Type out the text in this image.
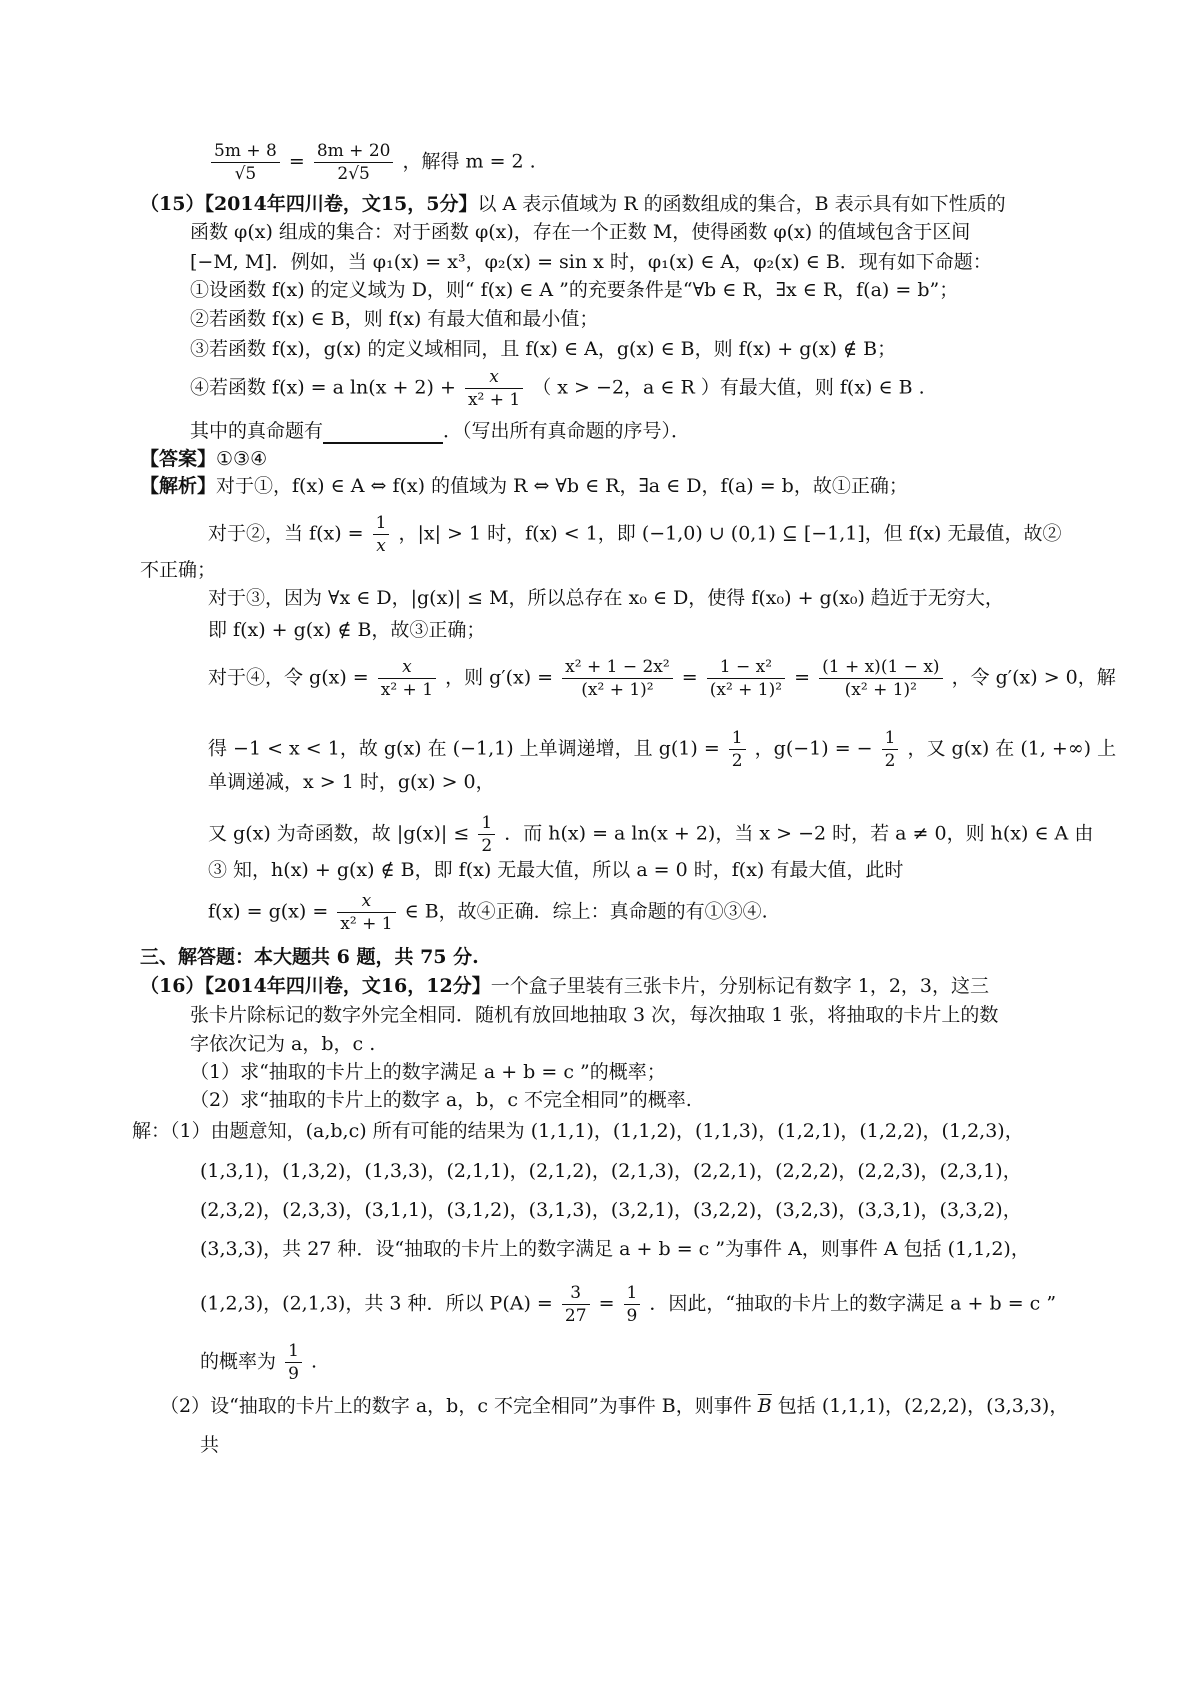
$\frac{5m + 8}{√5} = \frac{8m + 20}{2√5}$ ，解得 m = 2 .
（15）【2014年四川卷，文15，5分】以 A 表示值域为 R 的函数组成的集合，B 表示具有如下性质的
函数 φ(x) 组成的集合：对于函数 φ(x)，存在一个正数 M，使得函数 φ(x) 的值域包含于区间
[−M, M]．例如，当 φ₁(x) = x³，φ₂(x) = sin x 时，φ₁(x) ∈ A，φ₂(x) ∈ B．现有如下命题：
①设函数 f(x) 的定义域为 D，则“ f(x) ∈ A ”的充要条件是“∀b ∈ R，∃x ∈ R，f(a) = b”；
②若函数 f(x) ∈ B，则 f(x) 有最大值和最小值；
③若函数 f(x)，g(x) 的定义域相同，且 f(x) ∈ A，g(x) ∈ B，则 f(x) + g(x) ∉ B；
④若函数 f(x) = a $\ln(x + 2) + \frac{x}{\text{x² + 1}}$ （ x > −2，a ∈ R ）有最大值，则 f(x) ∈ B .
其中的真命题有	．（写出所有真命题的序号）．
【答案】①③④
【解析】对于①，f(x) ∈ A ⇔ f(x) 的值域为 R ⇔ ∀b ∈ R，∃a ∈ D，f(a) = b，故①正确；
对于②，当 $f(x) = \frac{1}{x}$ ，|x| > 1 时，f(x) < 1，即 (−1,0) ∪ (0,1) ⊆ [−1,1]，但 f(x) 无最值，故②
不正确；
对于③，因为 ∀x ∈ D，|g(x)| ≤ M，所以总存在 x₀ ∈ D，使得 f(x₀) + g(x₀) 趋近于无穷大，
即 f(x) + g(x) ∉ B，故③正确；
对于④，令 $g(x) = \frac{x}{\text{x² + 1}}$ ，则 $g'(x) = \frac{\text{x² + 1 − 2x²}}{\text{(x² + 1)²}} = \frac{\text{1 − x²}}{\text{(x² + 1)²}} = \frac{(1 + x)(1 - x)}{\text{(x² + 1)²}}$ ，令 g′(x) > 0，解
得 −1 < x < 1，故 g(x) 在 (−1,1) 上单调递增，且 $g(1) = \frac{1}{2}$ ，g(−1) = − $\frac{1}{2}$ ，又 g(x) 在 (1, +∞) 上
单调递减，x > 1 时，g(x) > 0，
又 g(x) 为奇函数，故 $|g(x)| \le \frac{1}{2}$ ．而 h(x) = a ln(x + 2)，当 x > −2 时，若 a ≠ 0，则 h(x) ∈ A 由
③ 知，h(x) + g(x) ∉ B，即 f(x) 无最大值，所以 a = 0 时，f(x) 有最大值，此时
$f(x) = g(x) = \frac{x}{\text{x² + 1}}$ ∈ B，故④正确．综上：真命题的有①③④.
三、解答题：本大题共 6 题，共 75 分.
（16）【2014年四川卷，文16，12分】一个盒子里装有三张卡片，分别标记有数字 1，2，3，这三
张卡片除标记的数字外完全相同．随机有放回地抽取 3 次，每次抽取 1 张，将抽取的卡片上的数
字依次记为 a，b，c .
（1）求“抽取的卡片上的数字满足 a + b = c ”的概率；
（2）求“抽取的卡片上的数字 a，b，c 不完全相同”的概率.
解：（1）由题意知，(a,b,c) 所有可能的结果为 (1,1,1)，(1,1,2)，(1,1,3)，(1,2,1)，(1,2,2)，(1,2,3)，
(1,3,1)，(1,3,2)，(1,3,3)，(2,1,1)，(2,1,2)，(2,1,3)，(2,2,1)，(2,2,2)，(2,2,3)，(2,3,1)，
(2,3,2)，(2,3,3)，(3,1,1)，(3,1,2)，(3,1,3)，(3,2,1)，(3,2,2)，(3,2,3)，(3,3,1)，(3,3,2)，
(3,3,3)，共 27 种．设“抽取的卡片上的数字满足 a + b = c ”为事件 A，则事件 A 包括 (1,1,2)，
(1,2,3)，(2,1,3)，共 3 种．所以 $P(A) = \frac{3}{27} = \frac{1}{9}$ ．因此，“抽取的卡片上的数字满足 a + b = c ”
的概率为 $\frac{1}{9}$ .
（2）设“抽取的卡片上的数字 a，b，c 不完全相同”为事件 B，则事件 $\overline{B}$ 包括 (1,1,1)，(2,2,2)，(3,3,3)，
共
